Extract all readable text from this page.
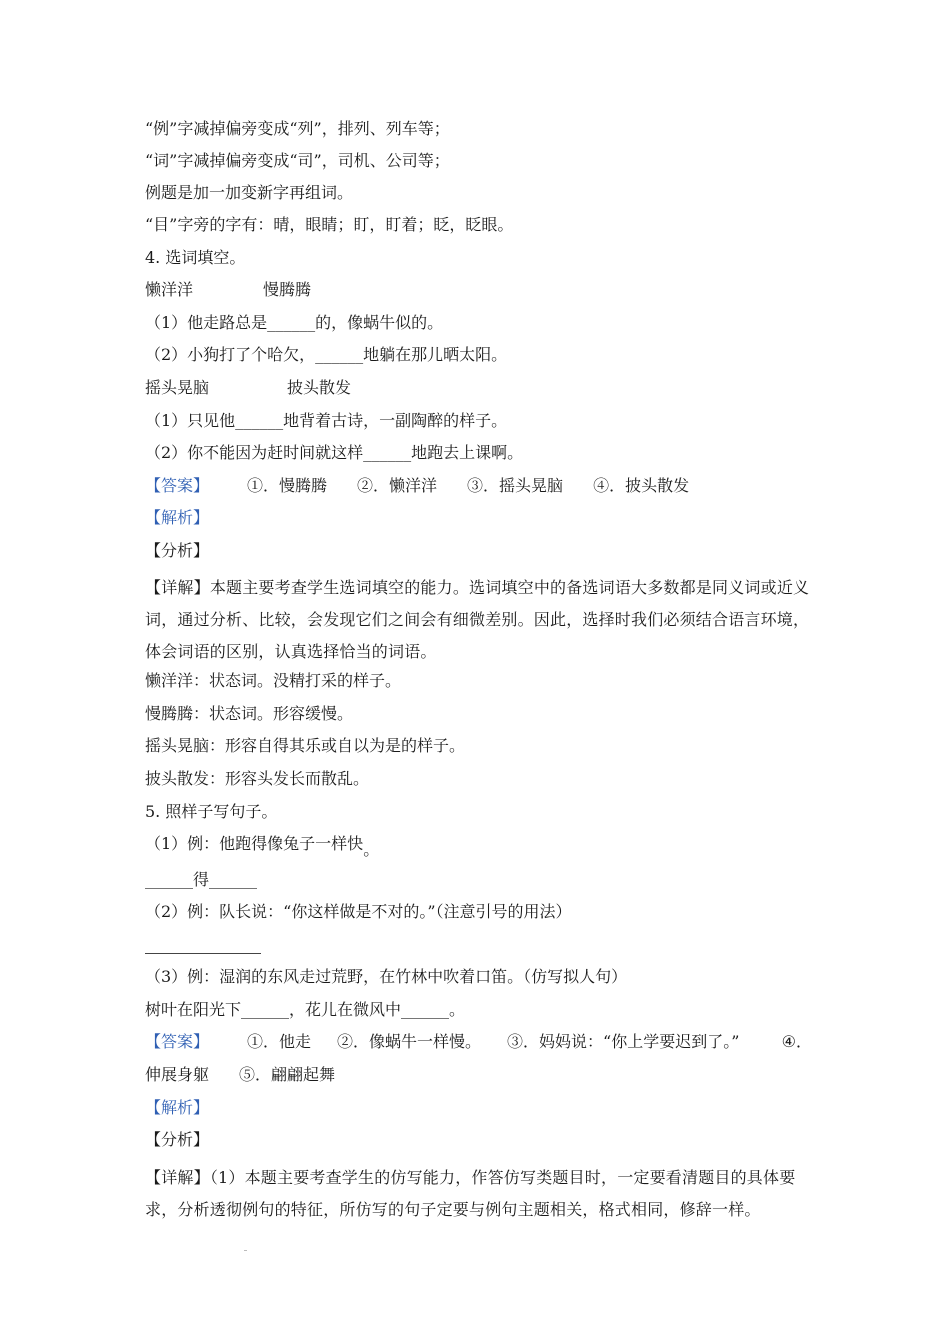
“例”字减掉偏旁变成“列”，排列、列车等；
“词”字减掉偏旁变成“司”，司机、公司等；
例题是加一加变新字再组词。
“目”字旁的字有：晴，眼睛；盯，盯着；眨，眨眼。
4. 选词填空。
懒洋洋	慢腾腾
（1）他走路总是______的，像蜗牛似的。
（2）小狗打了个哈欠，______地躺在那儿晒太阳。
摇头晃脑	披头散发
（1）只见他______地背着古诗，一副陶醉的样子。
（2）你不能因为赶时间就这样______地跑去上课啊。
【答案】 ①．慢腾腾 ②．懒洋洋 ③．摇头晃脑 ④．披头散发
【解析】
【分析】
【详解】本题主要考查学生选词填空的能力。选词填空中的备选词语大多数都是同义词或近义词，通过分析、比较，会发现它们之间会有细微差别。因此，选择时我们必须结合语言环境，体会词语的区别，认真选择恰当的词语。
懒洋洋：状态词。没精打采的样子。
慢腾腾：状态词。形容缓慢。
摇头晃脑：形容自得其乐或自以为是的样子。
披头散发：形容头发长而散乱。
5. 照样子写句子。
（1）例：他跑得像兔子一样快。
______得______
（2）例：队长说：“你这样做是不对的。”（注意引号的用法）
（3）例：湿润的东风走过荒野，在竹林中吹着口笛。（仿写拟人句）
树叶在阳光下______，花儿在微风中______。
【答案】 ①．他走 ②．像蜗牛一样慢。 ③．妈妈说：“你上学要迟到了。”	④．
伸展身躯 ⑤．翩翩起舞
【解析】
【分析】
【详解】（1）本题主要考查学生的仿写能力，作答仿写类题目时，一定要看清题目的具体要求，分析透彻例句的特征，所仿写的句子定要与例句主题相关，格式相同，修辞一样。
